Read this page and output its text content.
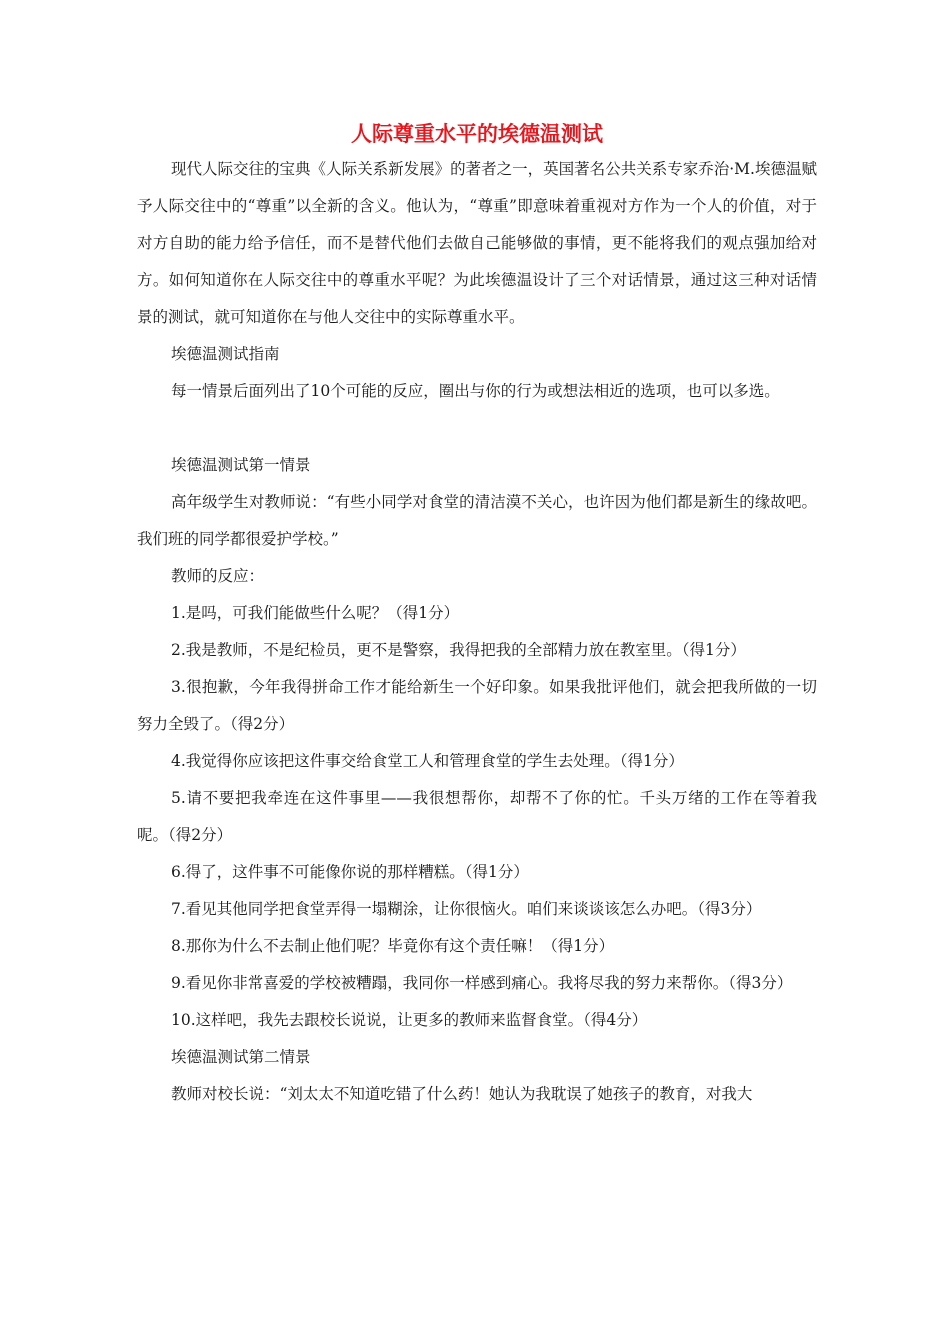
人际尊重水平的埃德温测试

现代人际交往的宝典《人际关系新发展》的著者之一，英国著名公共关系专家乔治·M.埃德温赋予人际交往中的“尊重”以全新的含义。他认为，“尊重”即意味着重视对方作为一个人的价值，对于对方自助的能力给予信任，而不是替代他们去做自己能够做的事情，更不能将我们的观点强加给对方。如何知道你在人际交往中的尊重水平呢？为此埃德温设计了三个对话情景，通过这三种对话情景的测试，就可知道你在与他人交往中的实际尊重水平。

埃德温测试指南

每一情景后面列出了10个可能的反应，圈出与你的行为或想法相近的选项，也可以多选。

埃德温测试第一情景

高年级学生对教师说：“有些小同学对食堂的清洁漠不关心，也许因为他们都是新生的缘故吧。我们班的同学都很爱护学校。”

教师的反应：

1.是吗，可我们能做些什么呢？（得1分）

2.我是教师，不是纪检员，更不是警察，我得把我的全部精力放在教室里。（得1分）

3.很抱歉，今年我得拼命工作才能给新生一个好印象。如果我批评他们，就会把我所做的一切努力全毁了。（得2分）

4.我觉得你应该把这件事交给食堂工人和管理食堂的学生去处理。（得1分）

5.请不要把我牵连在这件事里——我很想帮你，却帮不了你的忙。千头万绪的工作在等着我呢。（得2分）

6.得了，这件事不可能像你说的那样糟糕。（得1分）

7.看见其他同学把食堂弄得一塌糊涂，让你很恼火。咱们来谈谈该怎么办吧。（得3分）

8.那你为什么不去制止他们呢？毕竟你有这个责任嘛！（得1分）

9.看见你非常喜爱的学校被糟蹋，我同你一样感到痛心。我将尽我的努力来帮你。（得3分）

10.这样吧，我先去跟校长说说，让更多的教师来监督食堂。（得4分）

埃德温测试第二情景

教师对校长说：“刘太太不知道吃错了什么药！她认为我耽误了她孩子的教育，对我大
